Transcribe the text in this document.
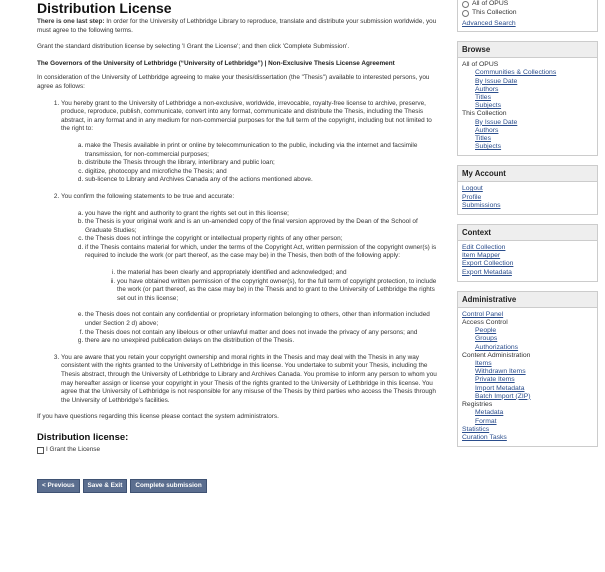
Distribution License

There is one last step: In order for the University of Lethbridge Library to reproduce, translate and distribute your submission worldwide, you must agree to the following terms.

Grant the standard distribution license by selecting 'I Grant the License'; and then click 'Complete Submission'.

The Governors of the University of Lethbridge (“University of Lethbridge”) | Non-Exclusive Thesis License Agreement

In consideration of the University of Lethbridge agreeing to make your thesis/dissertation (the "Thesis") available to interested persons, you agree as follows:

1. You hereby grant to the University of Lethbridge a non-exclusive, worldwide, irrevocable, royalty-free license to archive, preserve, produce, reproduce, publish, communicate, convert into any format, communicate and distribute the Thesis, including the Thesis abstract, in any format and in any medium for non-commercial purposes for the full term of the copyright, including but not limited to the right to:
a. make the Thesis available in print or online by telecommunication to the public, including via the internet and facsimile transmission, for non-commercial purposes;
b. distribute the Thesis through the library, interlibrary and public loan;
c. digitize, photocopy and microfiche the Thesis; and
d. sub-licence to Library and Archives Canada any of the actions mentioned above.
2. You confirm the following statements to be true and accurate:
a. you have the right and authority to grant the rights set out in this license;
b. the Thesis is your original work and is an un-amended copy of the final version approved by the Dean of the School of Graduate Studies;
c. the Thesis does not infringe the copyright or intellectual property rights of any other person;
d. if the Thesis contains material for which, under the terms of the Copyright Act, written permission of the copyright owner(s) is required to include the work (or part thereof, as the case may be) in the Thesis, then both of the following apply:
i. the material has been clearly and appropriately identified and acknowledged; and
ii. you have obtained written permission of the copyright owner(s), for the full term of copyright protection, to include the work (or part thereof, as the case may be) in the Thesis and to grant to the University of Lethbridge the rights set out in this license;
e. the Thesis does not contain any confidential or proprietary information belonging to others, other than information included under Section 2 d) above;
f. the Thesis does not contain any libelous or other unlawful matter and does not invade the privacy of any persons; and
g. there are no unexpired publication delays on the distribution of the Thesis.
3. You are aware that you retain your copyright ownership and moral rights in the Thesis and may deal with the Thesis in any way consistent with the rights granted to the University of Lethbridge in this license. You undertake to submit your Thesis, including the Thesis abstract, through the University of Lethbridge to Library and Archives Canada. You promise to inform any person to whom you may hereafter assign or license your copyright in your Thesis of the rights granted to the University of Lethbridge in this license. You agree that the University of Lethbridge is not responsible for any misuse of the Thesis by third parties who access the Thesis through the University of Lethbridge’s facilities.

If you have questions regarding this license please contact the system administrators.

Distribution license:
I Grant the License
< Previous	Save & Exit	Complete submission
All of OPUS
This Collection
Advanced Search
Browse
All of OPUS
Communities & Collections
By Issue Date
Authors
Titles
Subjects
This Collection
By Issue Date
Authors
Titles
Subjects
My Account
Logout
Profile
Submissions
Context
Edit Collection
Item Mapper
Export Collection
Export Metadata
Administrative
Control Panel
Access Control
People
Groups
Authorizations
Content Administration
Items
Withdrawn Items
Private Items
Import Metadata
Batch Import (ZIP)
Registries
Metadata
Format
Statistics
Curation Tasks
